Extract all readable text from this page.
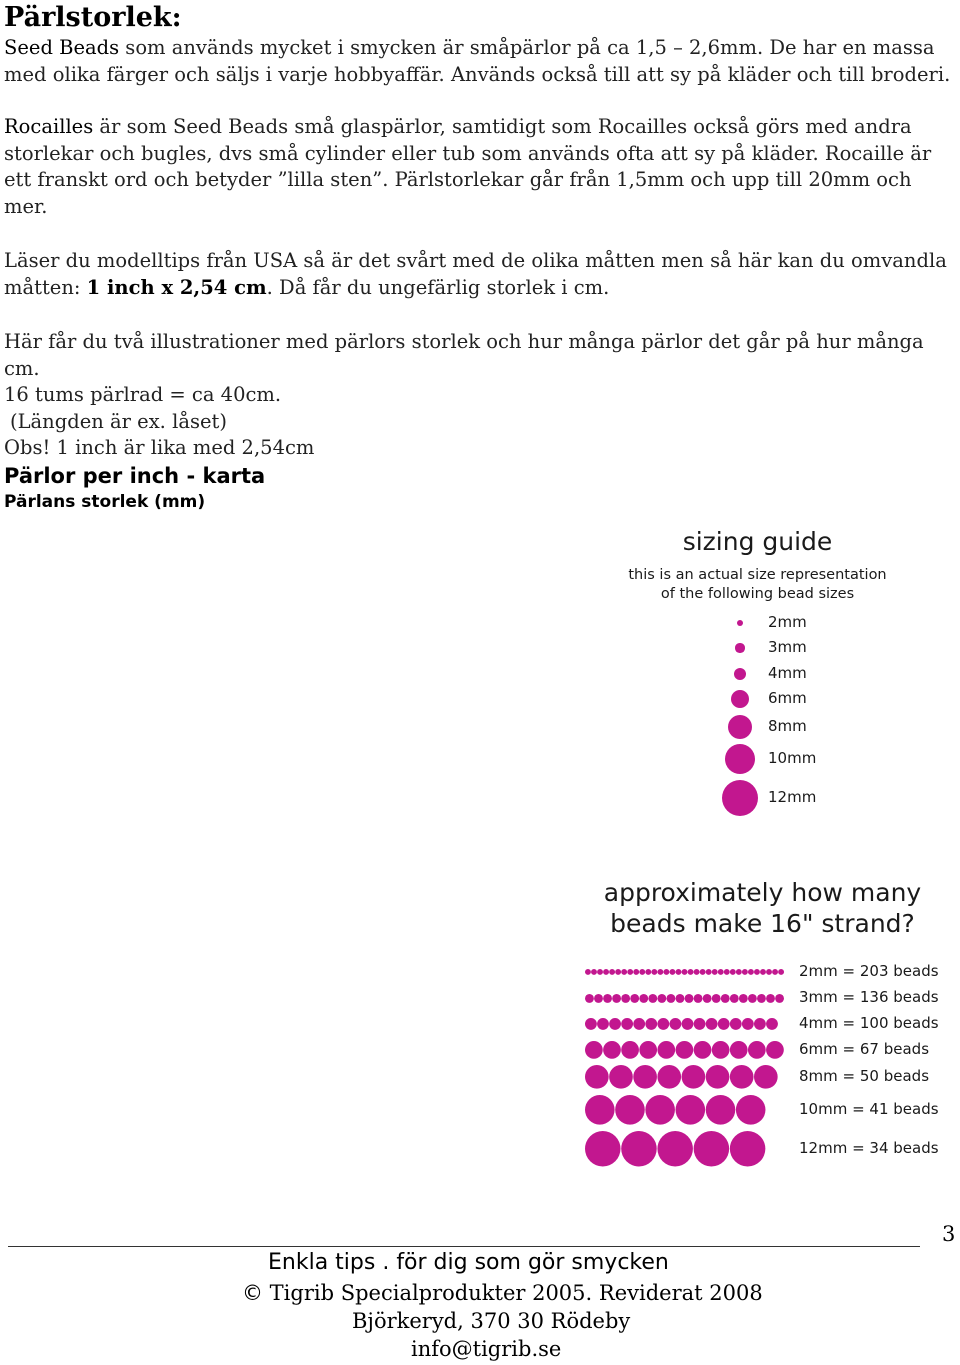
Pärlstorlek:

Seed Beads som används mycket i smycken är småpärlor på ca 1,5 – 2,6mm. De har en massa med olika färger och säljs i varje hobbyaffär. Används också till att sy på kläder och till broderi.

Rocailles är som Seed Beads små glaspärlor, samtidigt som Rocailles också görs med andra storlekar och bugles, dvs små cylinder eller tub som används ofta att sy på kläder. Rocaille är ett franskt ord och betyder ”lilla sten”. Pärlstorlekar går från 1,5mm och upp till 20mm och mer.

Läser du modelltips från USA så är det svårt med de olika måtten men så här kan du omvandla måtten: 1 inch x 2,54 cm. Då får du ungefärlig storlek i cm.

Här får du två illustrationer med pärlors storlek och hur många pärlor det går på hur många cm.

16 tums pärlrad = ca 40cm.

(Längden är ex. låset)

Obs! 1 inch är lika med 2,54cm

Pärlor per inch - karta
Pärlans storlek (mm)
sizing guide
this is an actual size representation
of the following bead sizes
2mm
3mm
4mm
6mm
8mm
10mm
12mm
approximately how many
beads make 16" strand?
2mm = 203 beads
3mm = 136 beads
4mm = 100 beads
6mm = 67 beads
8mm = 50 beads
10mm = 41 beads
12mm = 34 beads
3
Enkla tips . för dig som gör smycken
© Tigrib Specialprodukter 2005. Reviderat 2008
Björkeryd, 370 30 Rödeby
info@tigrib.se
